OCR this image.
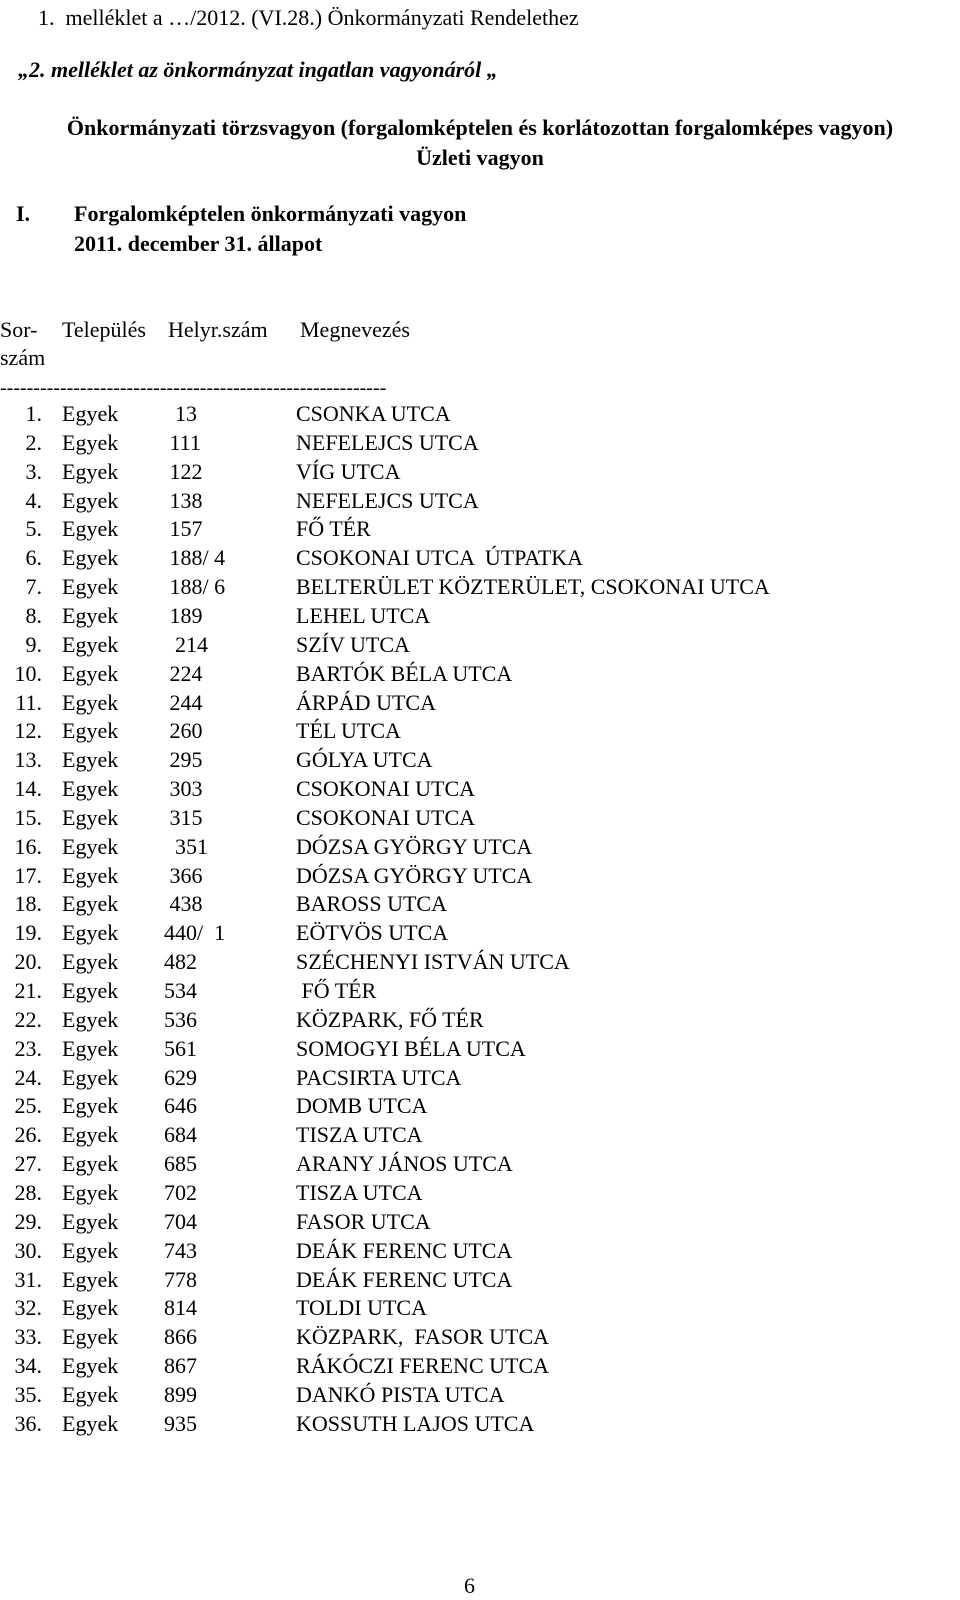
1.  melléklet a …/2012. (VI.28.) Önkormányzati Rendelethez
„2. melléklet az önkormányzat ingatlan vagyonáról „
Önkormányzati törzsvagyon (forgalomképtelen és korlátozottan forgalomképes vagyon)
Üzleti vagyon
I. Forgalomképtelen önkormányzati vagyon
2011. december 31. állapot
Sor- Település Helyr.szám Megnevezés
szám
----------------------------------------------------------
1. Egyek 13	CSONKA UTCA
2. Egyek 111	NEFELEJCS UTCA
3. Egyek 122	VÍG UTCA
4. Egyek 138	NEFELEJCS UTCA
5. Egyek 157	FŐ TÉR
6. Egyek 188/ 4	CSOKONAI UTCA  ÚTPATKA
7. Egyek 188/ 6	BELTERÜLET KÖZTERÜLET, CSOKONAI UTCA
8. Egyek 189	LEHEL UTCA
9. Egyek 214	SZÍV UTCA
10. Egyek 224	BARTÓK BÉLA UTCA
11. Egyek 244	ÁRPÁD UTCA
12. Egyek 260	TÉL UTCA
13. Egyek 295	GÓLYA UTCA
14. Egyek 303	CSOKONAI UTCA
15. Egyek 315	CSOKONAI UTCA
16. Egyek 351	DÓZSA GYÖRGY UTCA
17. Egyek 366	DÓZSA GYÖRGY UTCA
18. Egyek 438	BAROSS UTCA
19. Egyek 440/  1	EÖTVÖS UTCA
20. Egyek 482	SZÉCHENYI ISTVÁN UTCA
21. Egyek 534	FŐ TÉR
22. Egyek 536	KÖZPARK, FŐ TÉR
23. Egyek 561	SOMOGYI BÉLA UTCA
24. Egyek 629	PACSIRTA UTCA
25. Egyek 646	DOMB UTCA
26. Egyek 684	TISZA UTCA
27. Egyek 685	ARANY JÁNOS UTCA
28. Egyek 702	TISZA UTCA
29. Egyek 704	FASOR UTCA
30. Egyek 743	DEÁK FERENC UTCA
31. Egyek 778	DEÁK FERENC UTCA
32. Egyek 814	TOLDI UTCA
33. Egyek 866	KÖZPARK,  FASOR UTCA
34. Egyek 867	RÁKÓCZI FERENC UTCA
35. Egyek 899	DANKÓ PISTA UTCA
36. Egyek 935	KOSSUTH LAJOS UTCA
6
